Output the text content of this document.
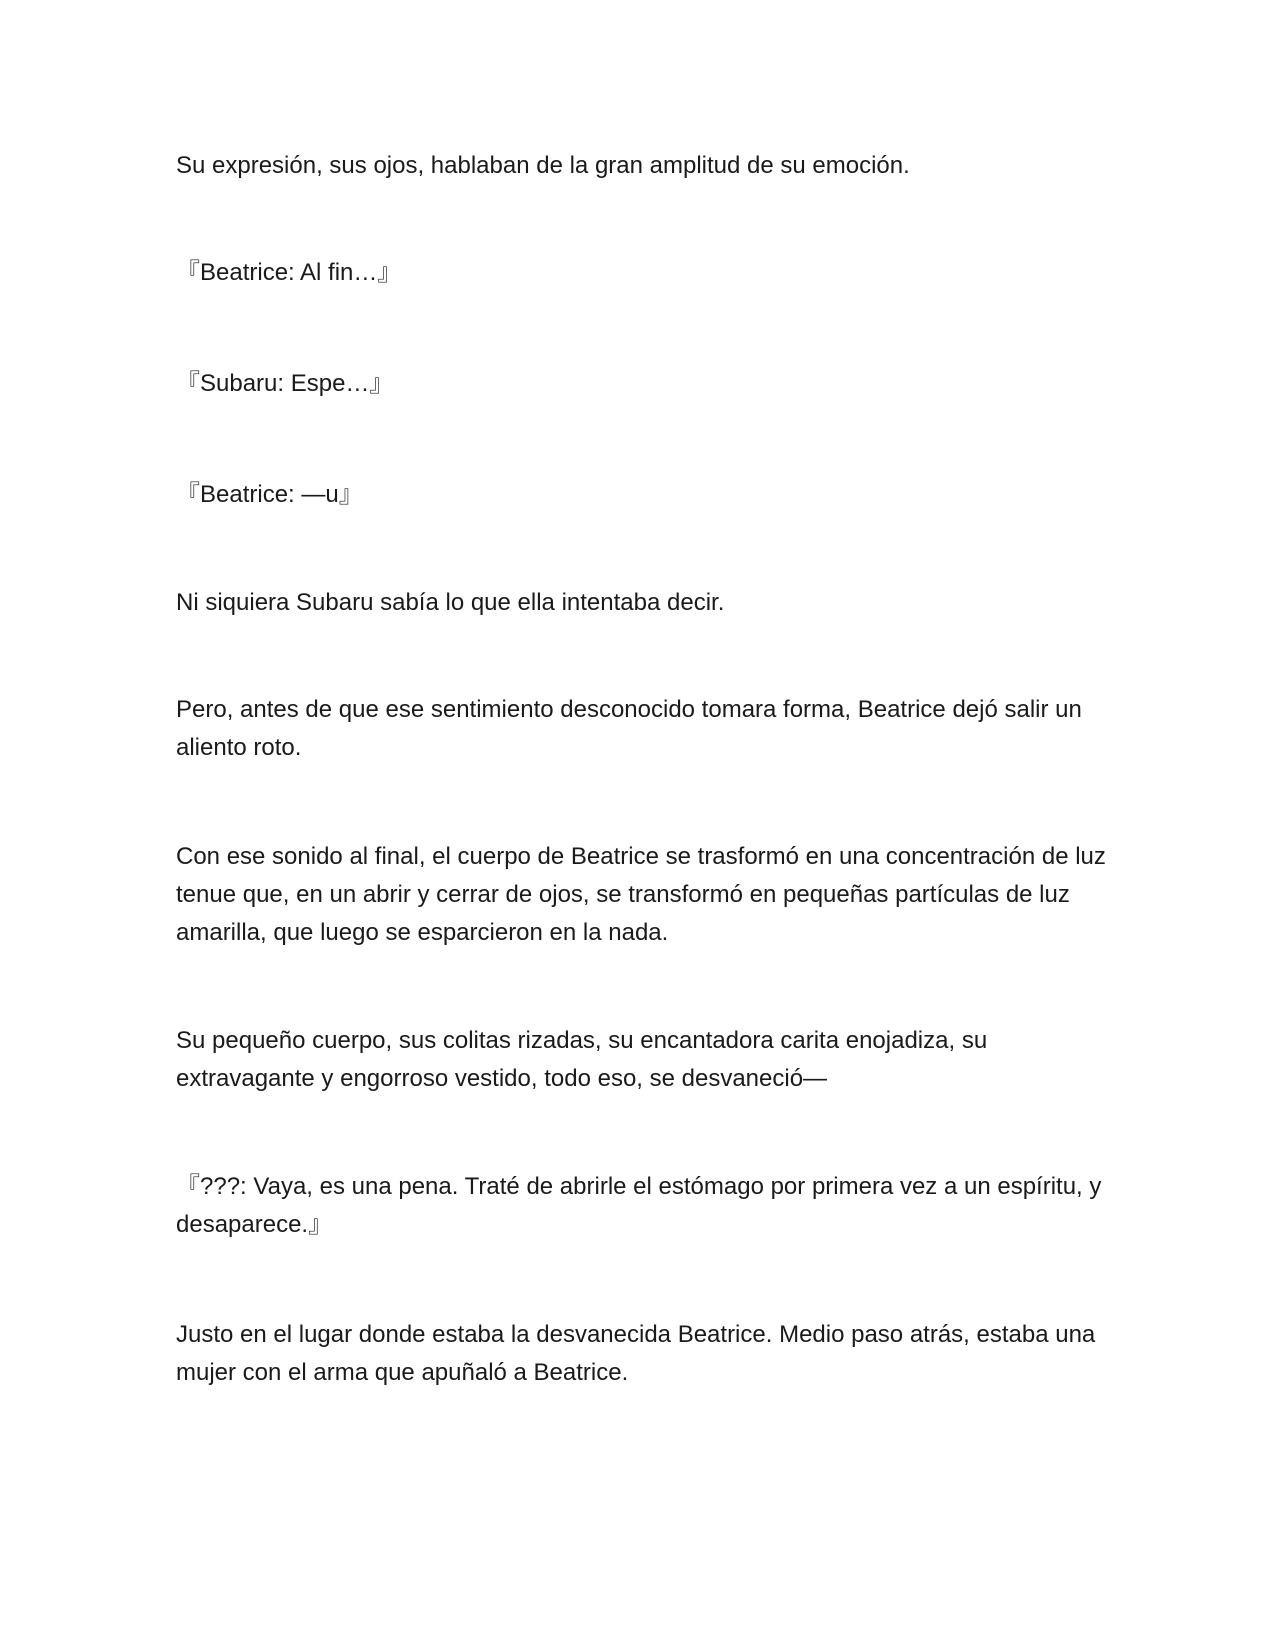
Su expresión, sus ojos, hablaban de la gran amplitud de su emoción.

『Beatrice: Al fin…』

『Subaru: Espe…』

『Beatrice: —u』

Ni siquiera Subaru sabía lo que ella intentaba decir.

Pero, antes de que ese sentimiento desconocido tomara forma, Beatrice dejó salir un aliento roto.

Con ese sonido al final, el cuerpo de Beatrice se trasformó en una concentración de luz tenue que, en un abrir y cerrar de ojos, se transformó en pequeñas partículas de luz amarilla, que luego se esparcieron en la nada.

Su pequeño cuerpo, sus colitas rizadas, su encantadora carita enojadiza, su extravagante y engorroso vestido, todo eso, se desvaneció—

『???: Vaya, es una pena. Traté de abrirle el estómago por primera vez a un espíritu, y desaparece.』

Justo en el lugar donde estaba la desvanecida Beatrice. Medio paso atrás, estaba una mujer con el arma que apuñaló a Beatrice.
